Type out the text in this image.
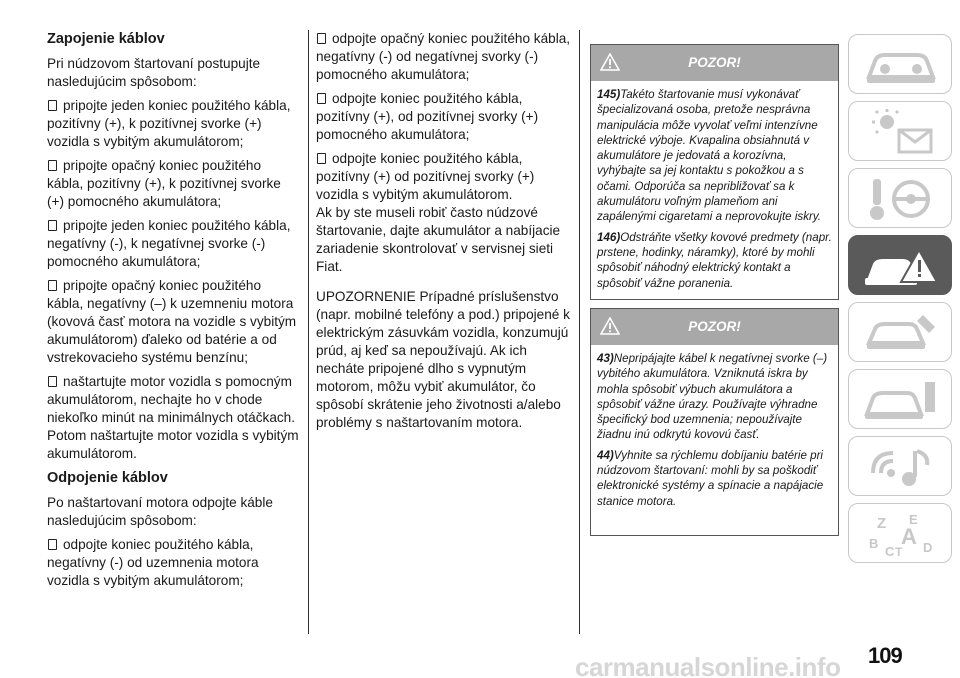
Zapojenie káblov
Pri núdzovom štartovaní postupujte nasledujúcim spôsobom:
pripojte jeden koniec použitého kábla, pozitívny (+), k pozitívnej svorke (+) vozidla s vybitým akumulátorom;
pripojte opačný koniec použitého kábla, pozitívny (+), k pozitívnej svorke (+) pomocného akumulátora;
pripojte jeden koniec použitého kábla, negatívny (-), k negatívnej svorke (-) pomocného akumulátora;
pripojte opačný koniec použitého kábla, negatívny (–) k uzemneniu motora (kovová časť motora na vozidle s vybitým akumulátorom) ďaleko od batérie a od vstrekovacieho systému benzínu;
naštartujte motor vozidla s pomocným akumulátorom, nechajte ho v chode niekoľko minút na minimálnych otáčkach. Potom naštartujte motor vozidla s vybitým akumulátorom.
Odpojenie káblov
Po naštartovaní motora odpojte káble nasledujúcim spôsobom:
odpojte koniec použitého kábla, negatívny (-) od uzemnenia motora vozidla s vybitým akumulátorom;
odpojte opačný koniec použitého kábla, negatívny (-) od negatívnej svorky (-) pomocného akumulátora;
odpojte koniec použitého kábla, pozitívny (+), od pozitívnej svorky (+) pomocného akumulátora;
odpojte koniec použitého kábla, pozitívny (+) od pozitívnej svorky (+) vozidla s vybitým akumulátorom.
Ak by ste museli robiť často núdzové štartovanie, dajte akumulátor a nabíjacie zariadenie skontrolovať v servisnej sieti Fiat.
UPOZORNENIE Prípadné príslušenstvo (napr. mobilné telefóny a pod.) pripojené k elektrickým zásuvkám vozidla, konzumujú prúd, aj keď sa nepoužívajú. Ak ich necháte pripojené dlho s vypnutým motorom, môžu vybiť akumulátor, čo spôsobí skrátenie jeho životnosti a/alebo problémy s naštartovaním motora.
POZOR!

145)Takéto štartovanie musí vykonávať špecializovaná osoba, pretože nesprávna manipulácia môže vyvolať veľmi intenzívne elektrické výboje. Kvapalina obsiahnutá v akumulátore je jedovatá a korozívna, vyhýbajte sa jej kontaktu s pokožkou a s očami. Odporúča sa nepribližovať sa k akumulátoru voľným plameňom ani zapálenými cigaretami a neprovokujte iskry.

146)Odstráňte všetky kovové predmety (napr. prstene, hodinky, náramky), ktoré by mohli spôsobiť náhodný elektrický kontakt a spôsobiť vážne poranenia.

POZOR!

43)Nepripájajte kábel k negatívnej svorke (–) vybitého akumulátora. Vzniknutá iskra by mohla spôsobiť výbuch akumulátora a spôsobiť vážne úrazy. Používajte výhradne špecifický bod uzemnenia; nepoužívajte žiadnu inú odkrytú kovovú časť.

44)Vyhnite sa rýchlemu dobíjaniu batérie pri núdzovom štartovaní: mohli by sa poškodiť elektronické systémy a spínacie a napájacie stanice motora.

Z E
B A
C T D
carmanualsonline.info 109
